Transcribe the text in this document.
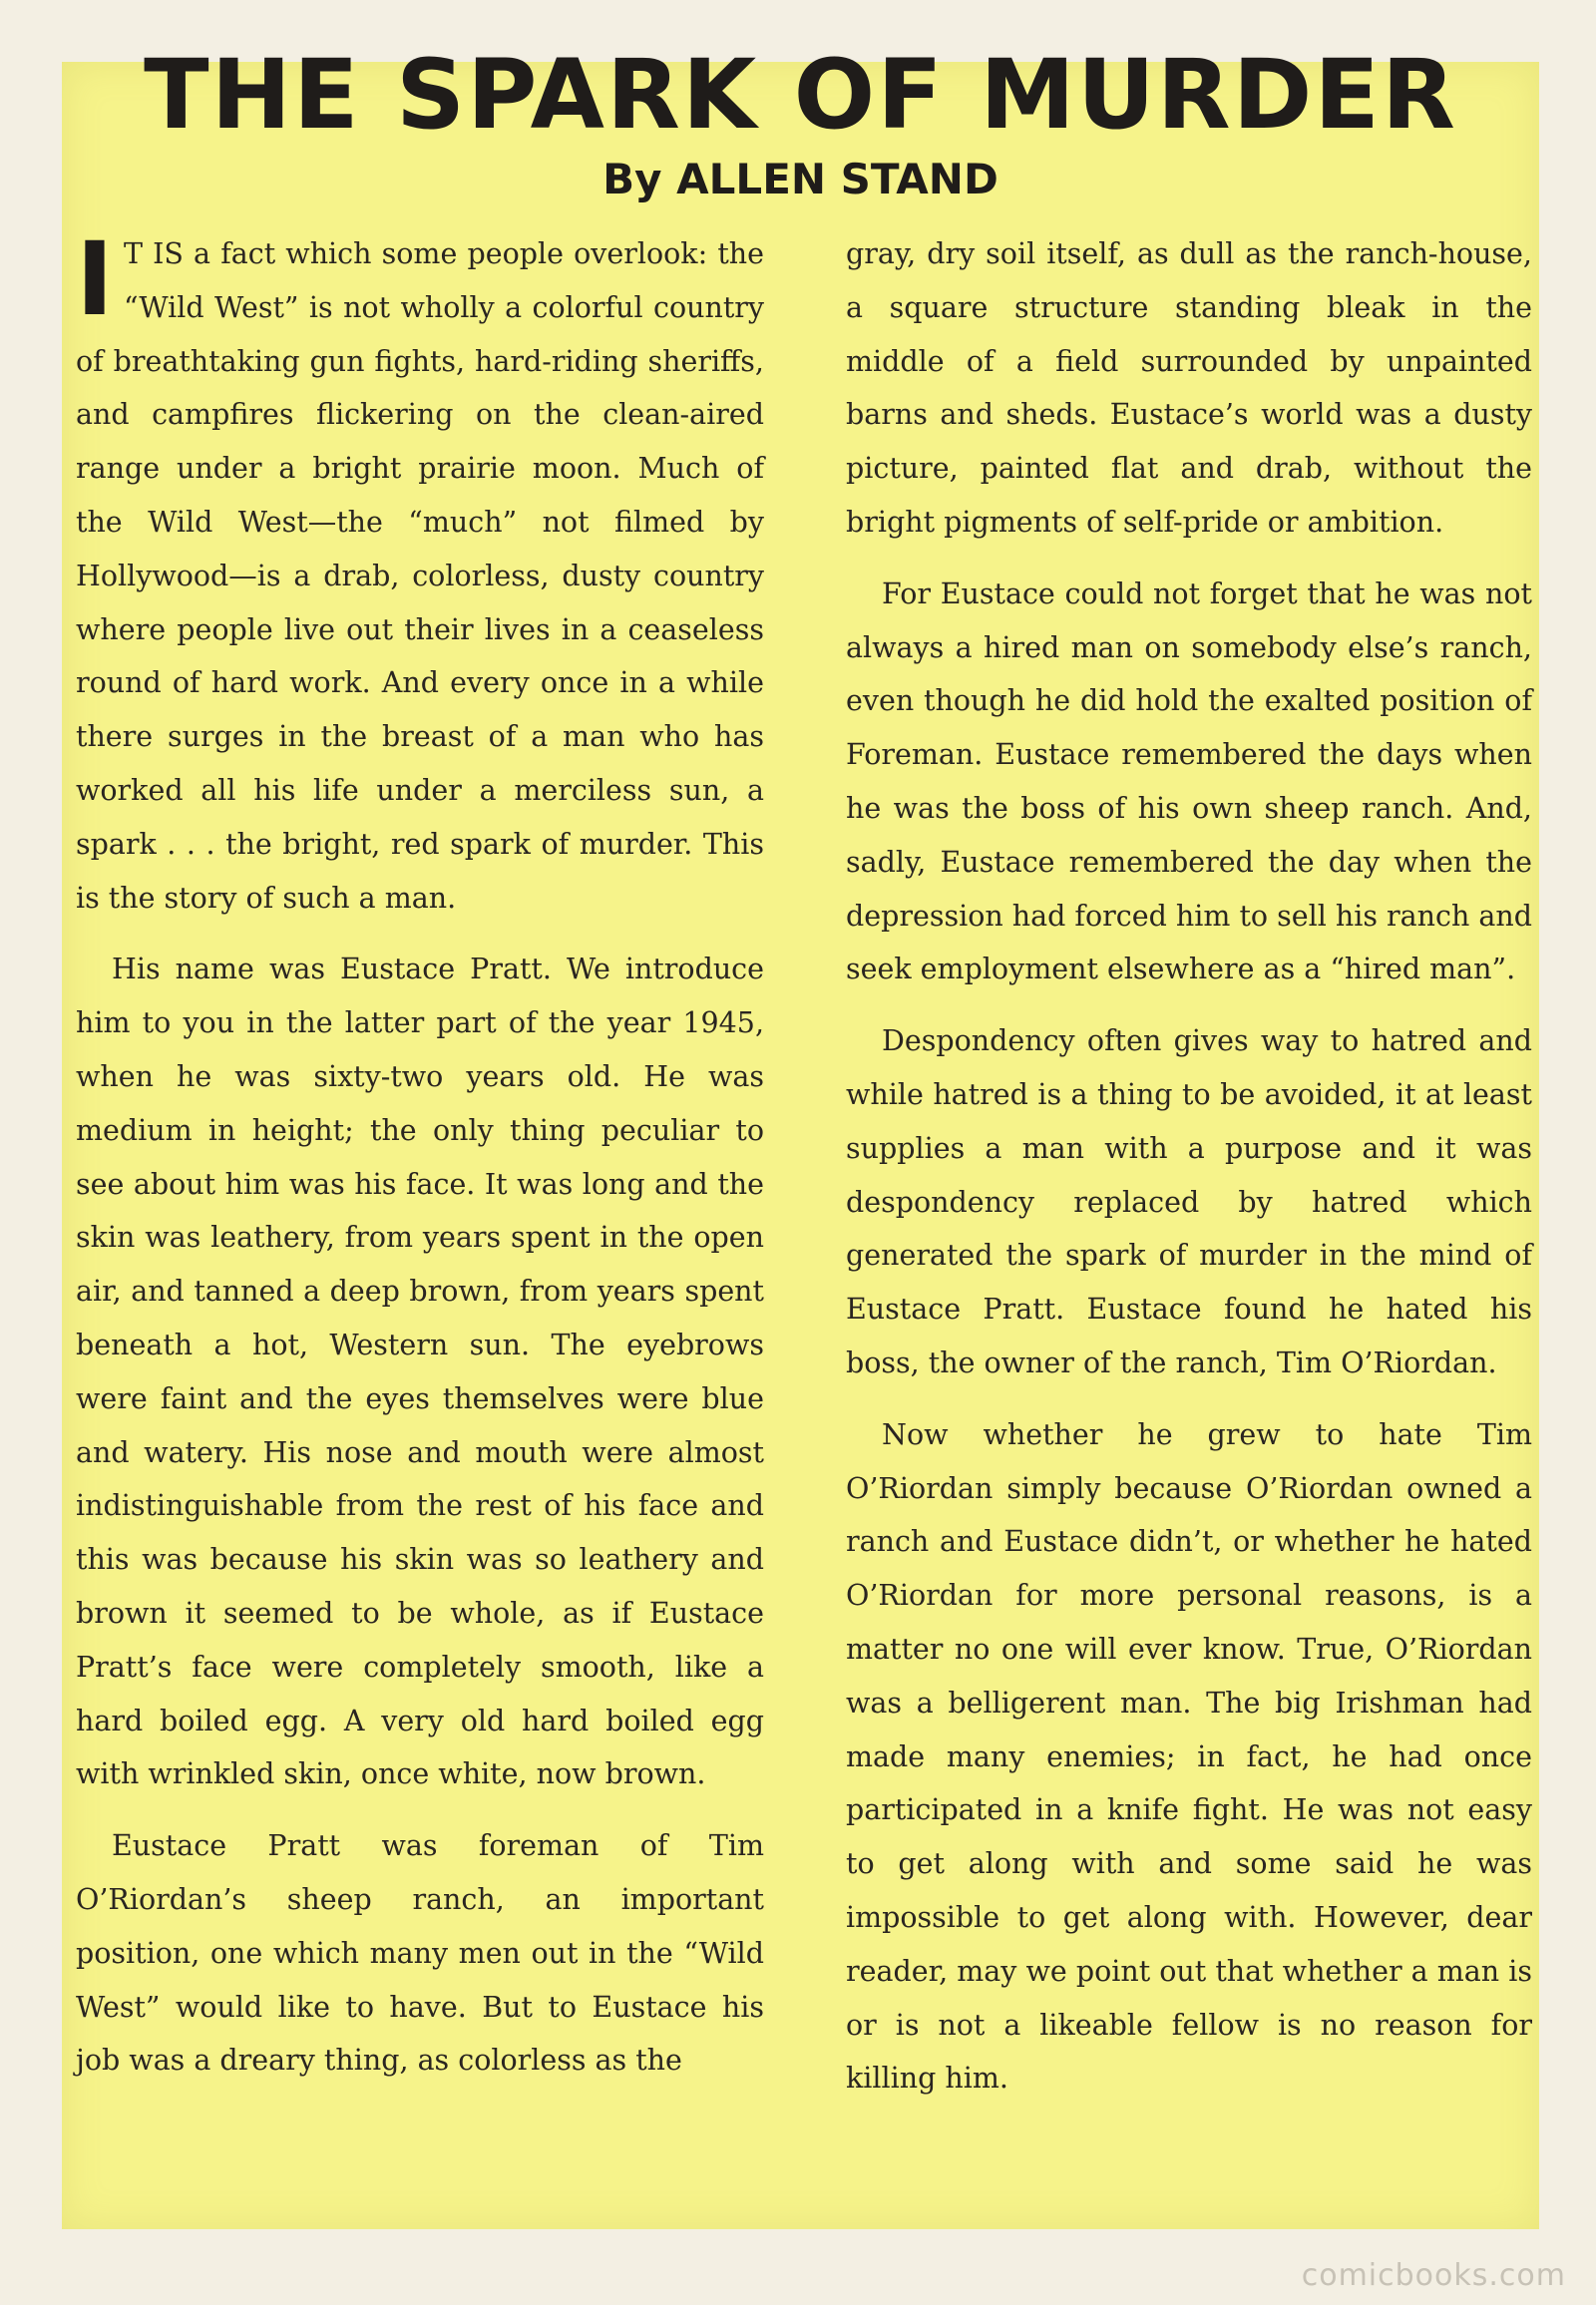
THE SPARK OF MURDER
By ALLEN STAND

I T IS a fact which some people overlook: the “Wild West” is not wholly a colorful country of breathtaking gun fights, hard-riding sheriffs, and campfires flickering on the clean-aired range under a bright prairie moon. Much of the Wild West—the “much” not filmed by Hollywood—is a drab, colorless, dusty country where people live out their lives in a ceaseless round of hard work. And every once in a while there surges in the breast of a man who has worked all his life under a merciless sun, a spark . . . the bright, red spark of murder. This is the story of such a man.

His name was Eustace Pratt. We introduce him to you in the latter part of the year 1945, when he was sixty-two years old. He was medium in height; the only thing peculiar to see about him was his face. It was long and the skin was leathery, from years spent in the open air, and tanned a deep brown, from years spent beneath a hot, Western sun. The eyebrows were faint and the eyes themselves were blue and watery. His nose and mouth were almost indistinguishable from the rest of his face and this was because his skin was so leathery and brown it seemed to be whole, as if Eustace Pratt’s face were completely smooth, like a hard boiled egg. A very old hard boiled egg with wrinkled skin, once white, now brown.

Eustace Pratt was foreman of Tim O’Riordan’s sheep ranch, an important position, one which many men out in the “Wild West” would like to have. But to Eustace his job was a dreary thing, as colorless as the

gray, dry soil itself, as dull as the ranch-house, a square structure standing bleak in the middle of a field surrounded by unpainted barns and sheds. Eustace’s world was a dusty picture, painted flat and drab, without the bright pigments of self-pride or ambition.

For Eustace could not forget that he was not always a hired man on somebody else’s ranch, even though he did hold the exalted position of Foreman. Eustace remembered the days when he was the boss of his own sheep ranch. And, sadly, Eustace remembered the day when the depression had forced him to sell his ranch and seek employment elsewhere as a “hired man”.

Despondency often gives way to hatred and while hatred is a thing to be avoided, it at least supplies a man with a purpose and it was despondency replaced by hatred which generated the spark of murder in the mind of Eustace Pratt. Eustace found he hated his boss, the owner of the ranch, Tim O’Riordan.

Now whether he grew to hate Tim O’Riordan simply because O’Riordan owned a ranch and Eustace didn’t, or whether he hated O’Riordan for more personal reasons, is a matter no one will ever know. True, O’Riordan was a belligerent man. The big Irishman had made many enemies; in fact, he had once participated in a knife fight. He was not easy to get along with and some said he was impossible to get along with. However, dear reader, may we point out that whether a man is or is not a likeable fellow is no reason for killing him.

comicbooks.com
